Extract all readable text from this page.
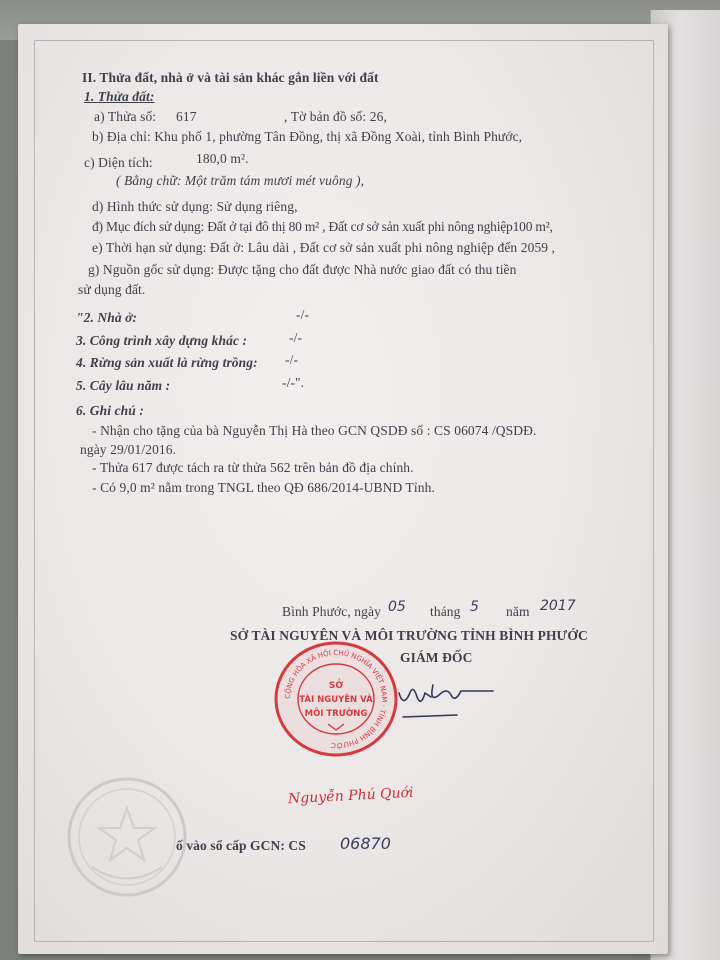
II. Thửa đất, nhà ở và tài sản khác gắn liền với đất
1. Thửa đất:
a) Thửa số: 617	, Tờ bản đồ số: 26,
b) Địa chỉ: Khu phố 1, phường Tân Đồng, thị xã Đồng Xoài, tỉnh Bình Phước,
c) Diện tích:	180,0 m².
( Bằng chữ: Một trăm tám mươi mét vuông ),
d) Hình thức sử dụng: Sử dụng riêng,
đ) Mục đích sử dụng: Đất ở tại đô thị 80 m² , Đất cơ sở sản xuất phi nông nghiệp100 m²,
e) Thời hạn sử dụng: Đất ở: Lâu dài , Đất cơ sở sản xuất phi nông nghiệp đến 2059 ,
g) Nguồn gốc sử dụng: Được tặng cho đất được Nhà nước giao đất có thu tiền
sử dụng đất.
"2. Nhà ở:	-/-
3. Công trình xây dựng khác :	-/-
4. Rừng sản xuất là rừng trồng: -/-
5. Cây lâu năm :	-/-".
6. Ghi chú :
- Nhận cho tặng của bà Nguyễn Thị Hà theo GCN QSDĐ số : CS 06074 /QSDĐ.
ngày 29/01/2016.
- Thửa 617 được tách ra từ thửa 562 trên bản đồ địa chính.
- Có 9,0 m² nằm trong TNGL theo QĐ 686/2014-UBND Tỉnh.
Bình Phước, ngày 05 tháng 5 năm 2017
SỞ TÀI NGUYÊN VÀ MÔI TRƯỜNG TỈNH BÌNH PHƯỚC
GIÁM ĐỐC
CỘNG HÒA XÃ HỘI CHỦ NGHĨA VIỆT NAM · TỈNH BÌNH PHƯỚC
SỞ
TÀI NGUYÊN VÀ
MÔI TRƯỜNG
Nguyễn Phú Quới
ố vào sổ cấp GCN: CS 06870
